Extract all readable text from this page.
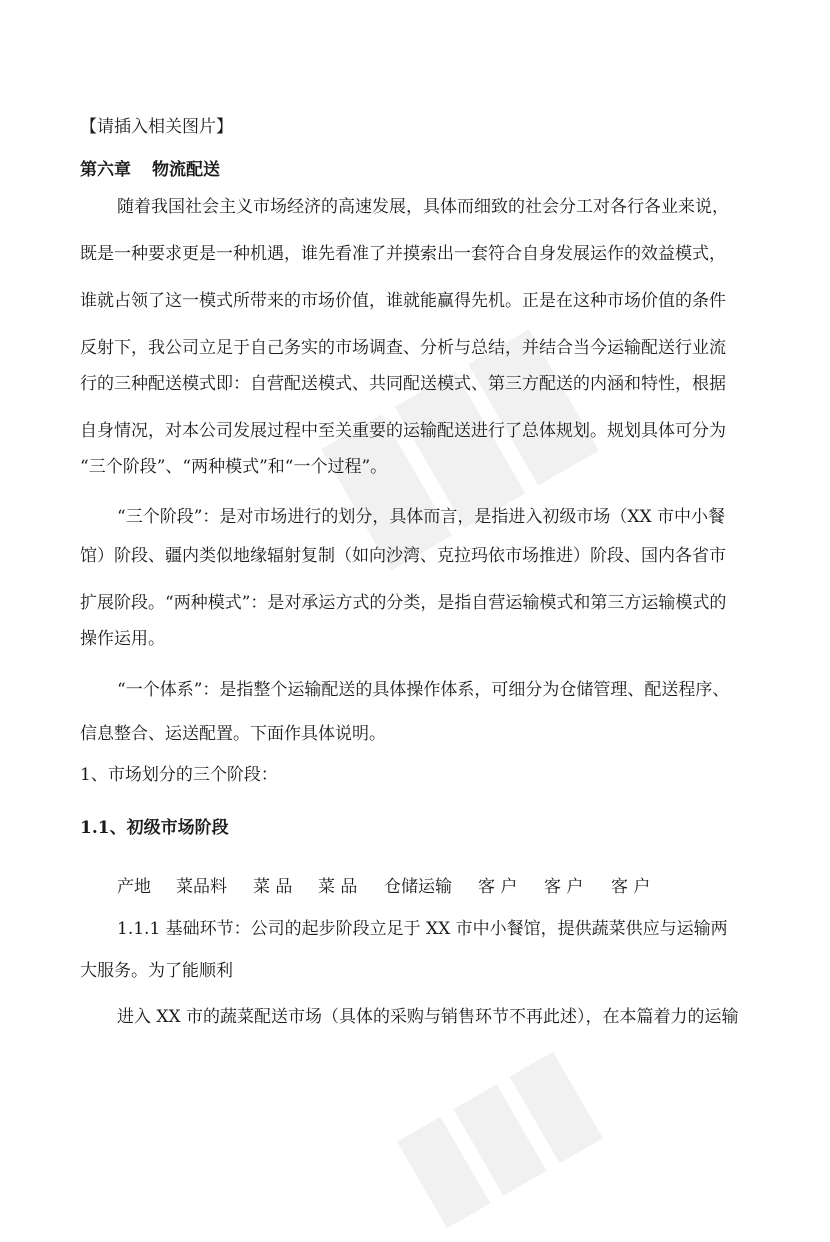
【请插入相关图片】
第六章 物流配送
随着我国社会主义市场经济的高速发展，具体而细致的社会分工对各行各业来说，
既是一种要求更是一种机遇，谁先看准了并摸索出一套符合自身发展运作的效益模式，
谁就占领了这一模式所带来的市场价值，谁就能赢得先机。正是在这种市场价值的条件
反射下，我公司立足于自己务实的市场调查、分析与总结，并结合当今运输配送行业流
行的三种配送模式即：自营配送模式、共同配送模式、第三方配送的内涵和特性，根据
自身情况，对本公司发展过程中至关重要的运输配送进行了总体规划。规划具体可分为
“三个阶段”、“两种模式”和“一个过程”。
“三个阶段”：是对市场进行的划分，具体而言，是指进入初级市场（XX 市中小餐
馆）阶段、疆内类似地缘辐射复制（如向沙湾、克拉玛依市场推进）阶段、国内各省市
扩展阶段。“两种模式”：是对承运方式的分类，是指自营运输模式和第三方运输模式的
操作运用。
“一个体系”：是指整个运输配送的具体操作体系，可细分为仓储管理、配送程序、
信息整合、运送配置。下面作具体说明。
1、市场划分的三个阶段：
1.1、初级市场阶段
产地 菜品料 菜 品 菜 品 仓储运输 客 户 客 户 客 户
1.1.1 基础环节：公司的起步阶段立足于 XX 市中小餐馆，提供蔬菜供应与运输两
大服务。为了能顺利
进入 XX 市的蔬菜配送市场（具体的采购与销售环节不再此述），在本篇着力的运输
